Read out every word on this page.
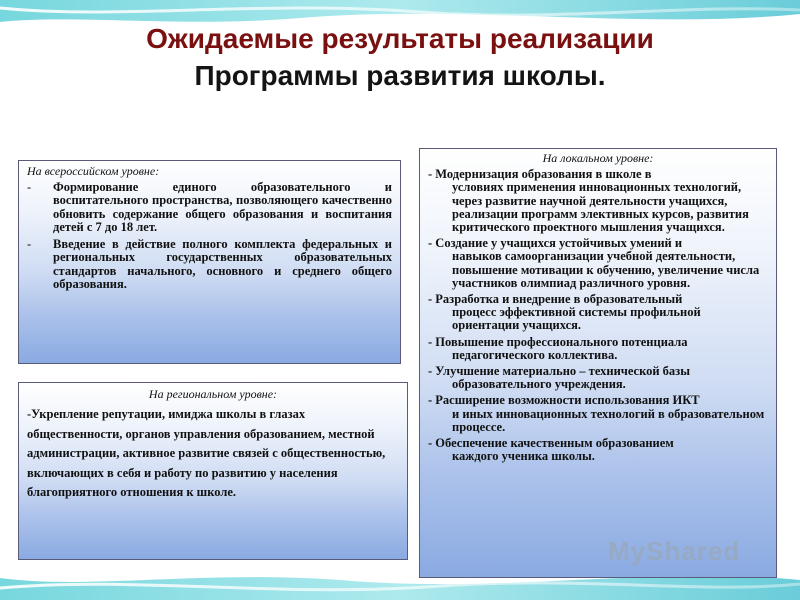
Ожидаемые результаты реализации
Программы развития школы.
На всероссийском уровне:
- Формирование единого образовательного и воспитательного пространства, позволяющего качественно обновить содержание общего образования и воспитания детей с 7 до 18 лет.
- Введение в действие полного комплекта федеральных и региональных государственных образовательных стандартов начального, основного и среднего общего образования.
На региональном уровне:
-Укрепление репутации, имиджа школы в глазах общественности, органов управления образованием, местной администрации, активное развитие связей с общественностью, включающих в себя и работу по развитию у населения благоприятного отношения к школе.
На локальном уровне:
- Модернизация образования в школе в
условиях применения инновационных технологий, через развитие научной деятельности учащихся, реализации программ элективных курсов, развития критического проектного мышления учащихся.
- Создание у учащихся устойчивых умений и
навыков самоорганизации учебной деятельности, повышение мотивации к обучению, увеличение числа участников олимпиад различного уровня.
- Разработка и внедрение в образовательный
процесс эффективной системы профильной ориентации учащихся.
- Повышение профессионального потенциала
педагогического коллектива.
- Улучшение материально – технической базы
образовательного учреждения.
- Расширение возможности использования ИКТ
и иных инновационных технологий в образовательном процессе.
- Обеспечение качественным образованием
каждого ученика школы.
MyShared
